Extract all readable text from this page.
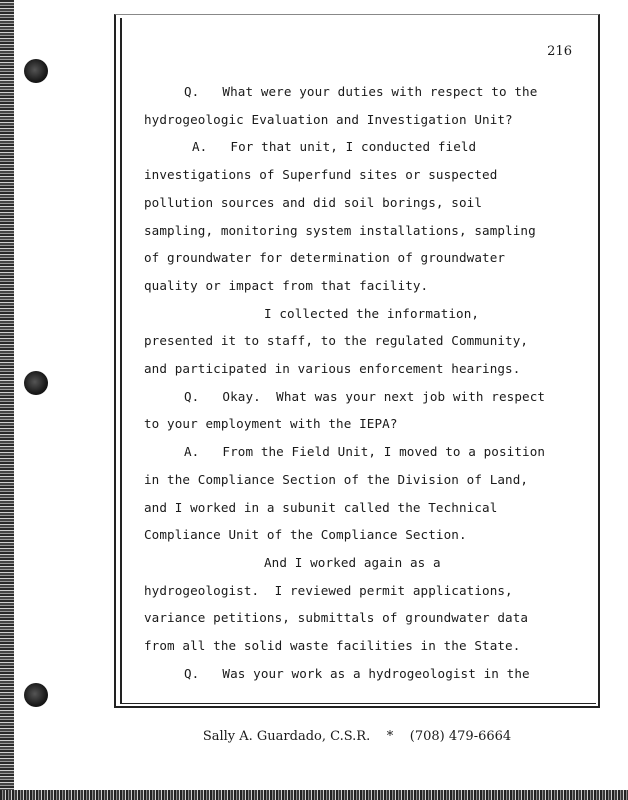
216
Q.   What were your duties with respect to the
hydrogeologic Evaluation and Investigation Unit?
A.   For that unit, I conducted field
investigations of Superfund sites or suspected
pollution sources and did soil borings, soil
sampling, monitoring system installations, sampling
of groundwater for determination of groundwater
quality or impact from that facility.
I collected the information,
presented it to staff, to the regulated Community,
and participated in various enforcement hearings.
Q.   Okay.  What was your next job with respect
to your employment with the IEPA?
A.   From the Field Unit, I moved to a position
in the Compliance Section of the Division of Land,
and I worked in a subunit called the Technical
Compliance Unit of the Compliance Section.
And I worked again as a
hydrogeologist.  I reviewed permit applications,
variance petitions, submittals of groundwater data
from all the solid waste facilities in the State.
Q.   Was your work as a hydrogeologist in the
Sally A. Guardado, C.S.R.    *    (708) 479-6664
